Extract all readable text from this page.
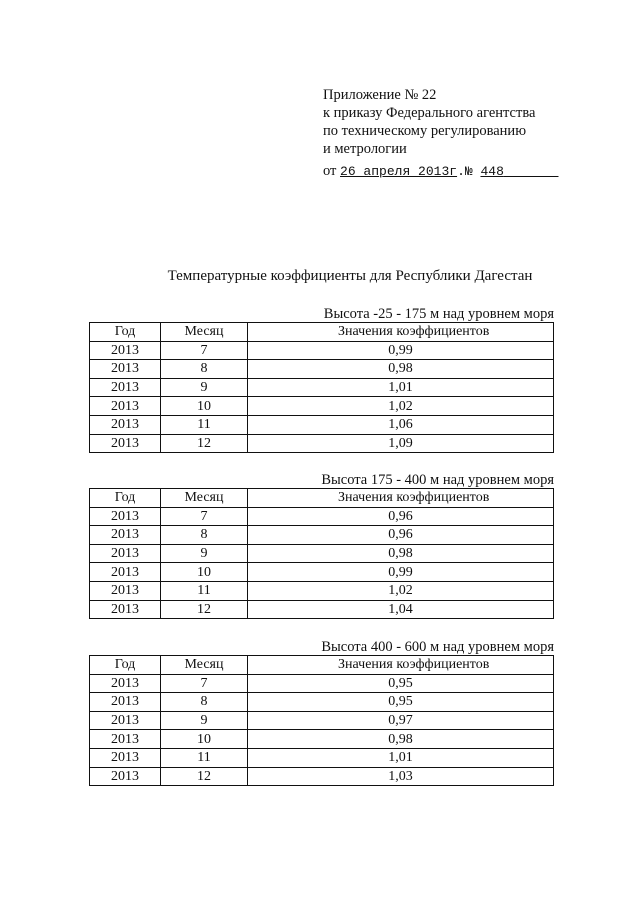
Приложение № 22
к приказу Федерального агентства
по техническому регулированию
и метрологии
от 26 апреля 2013г.№ 448
Температурные коэффициенты для Республики Дагестан
Высота -25 - 175 м над уровнем моря
Год	Месяц	Значения коэффициентов
2013	7	0,99
2013	8	0,98
2013	9	1,01
2013	10	1,02
2013	11	1,06
2013	12	1,09
Высота 175 - 400 м над уровнем моря
Год	Месяц	Значения коэффициентов
2013	7	0,96
2013	8	0,96
2013	9	0,98
2013	10	0,99
2013	11	1,02
2013	12	1,04
Высота 400 - 600 м над уровнем моря
Год	Месяц	Значения коэффициентов
2013	7	0,95
2013	8	0,95
2013	9	0,97
2013	10	0,98
2013	11	1,01
2013	12	1,03
